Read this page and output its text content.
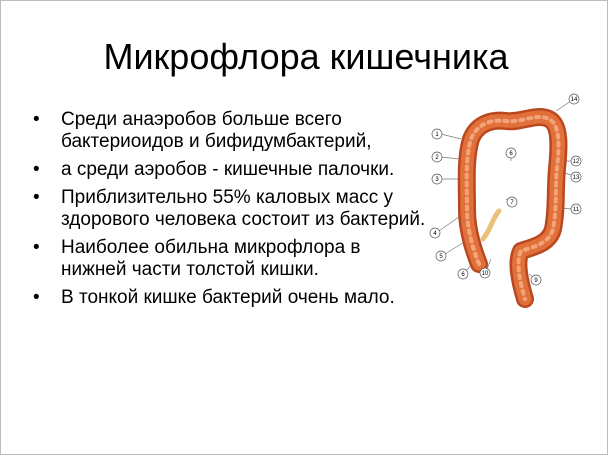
Микрофлора кишечника
• Среди анаэробов больше всего бактериоидов и бифидумбактерий,
• а среди аэробов - кишечные палочки.
• Приблизительно 55% каловых масс у здорового человека состоит из бактерий.
• Наиболее обильна микрофлора в нижней части толстой кишки.
• В тонкой кишке бактерий очень мало.
14
1
2
6
12
13
3
7
11
4
5
6	10
9
